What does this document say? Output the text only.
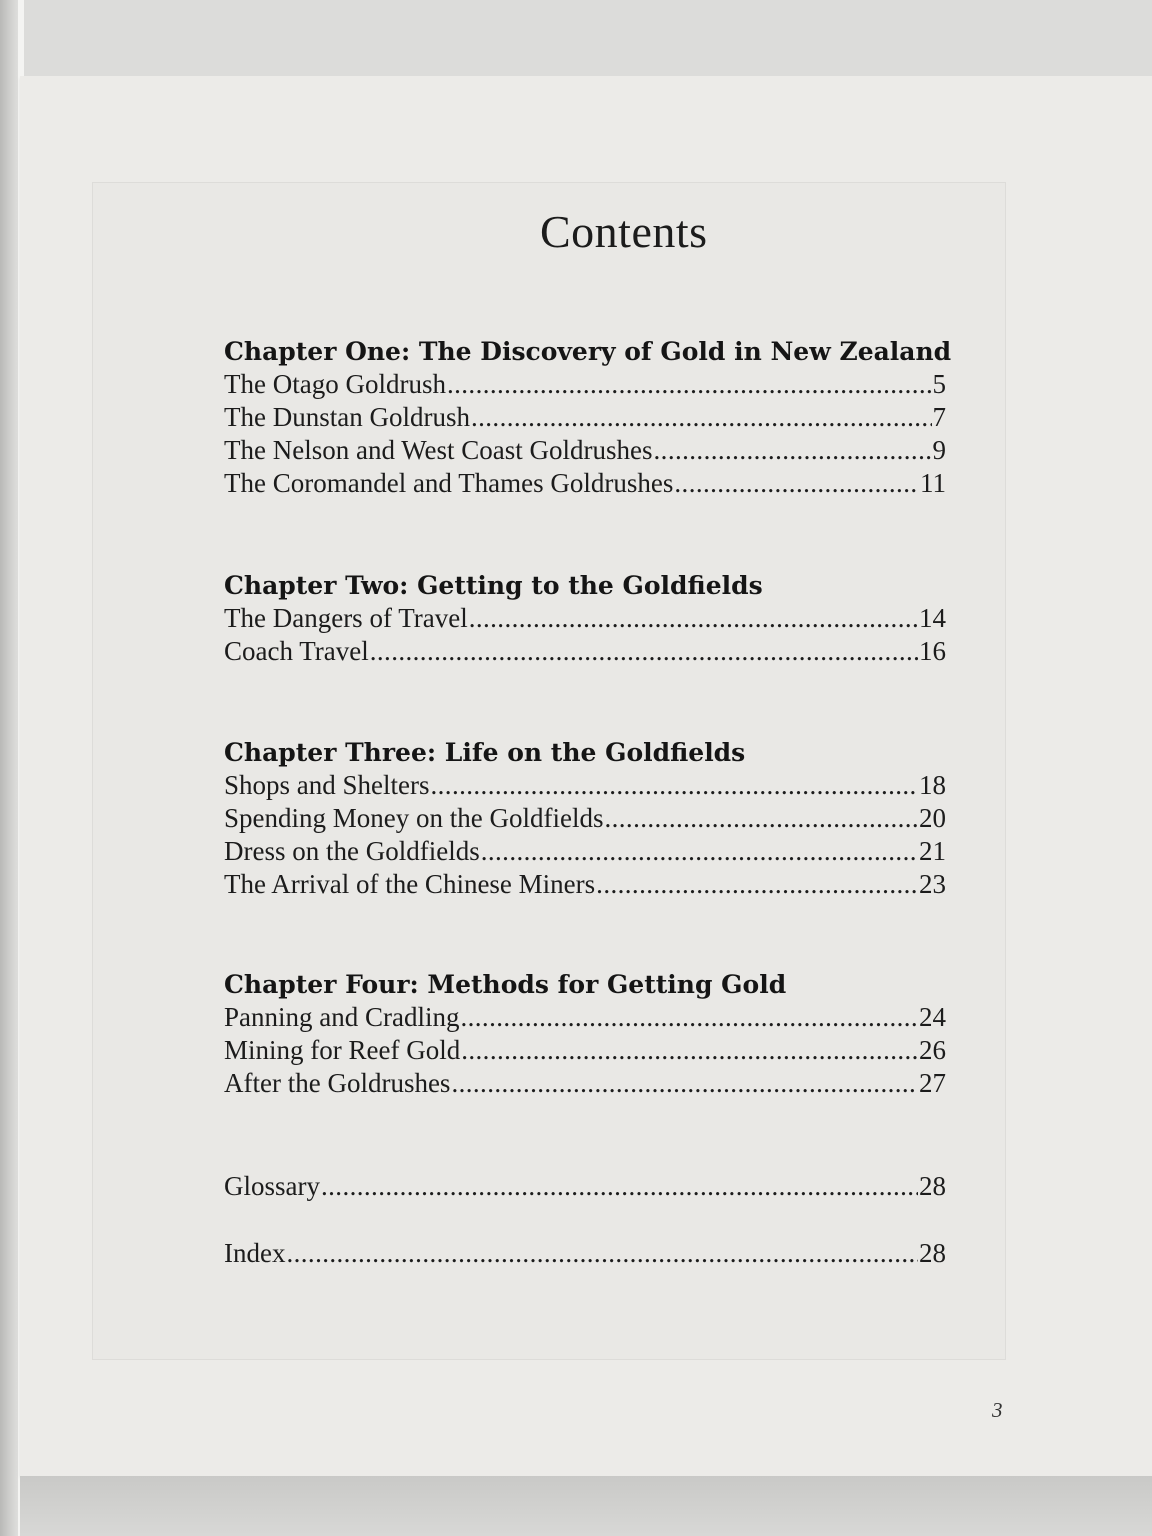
Contents
Chapter One: The Discovery of Gold in New Zealand
The Otago Goldrush .....	5
The Dunstan Goldrush .....	7
The Nelson and West Coast Goldrushes .....	9
The Coromandel and Thames Goldrushes .....	11
Chapter Two: Getting to the Goldfields
The Dangers of Travel .....	14
Coach Travel .....	16
Chapter Three: Life on the Goldfields
Shops and Shelters .....	18
Spending Money on the Goldfields .....	20
Dress on the Goldfields .....	21
The Arrival of the Chinese Miners .....	23
Chapter Four: Methods for Getting Gold
Panning and Cradling .....	24
Mining for Reef Gold .....	26
After the Goldrushes .....	27
Glossary .....	28
Index .....	28
3
